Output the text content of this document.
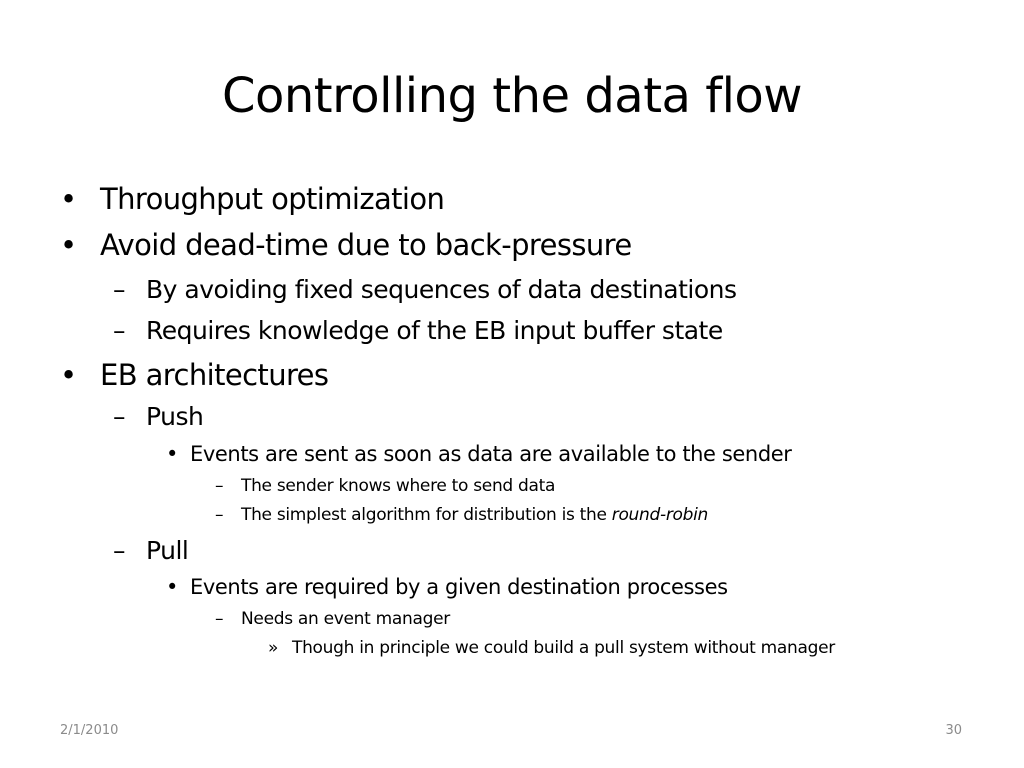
Controlling the data flow
• Throughput optimization
• Avoid dead-time due to back-pressure
– By avoiding fixed sequences of data destinations
– Requires knowledge of the EB input buffer state
• EB architectures
– Push
• Events are sent as soon as data are available to the sender
– The sender knows where to send data
– The simplest algorithm for distribution is the round-robin
– Pull
• Events are required by a given destination processes
– Needs an event manager
» Though in principle we could build a pull system without manager
2/1/2010	30
